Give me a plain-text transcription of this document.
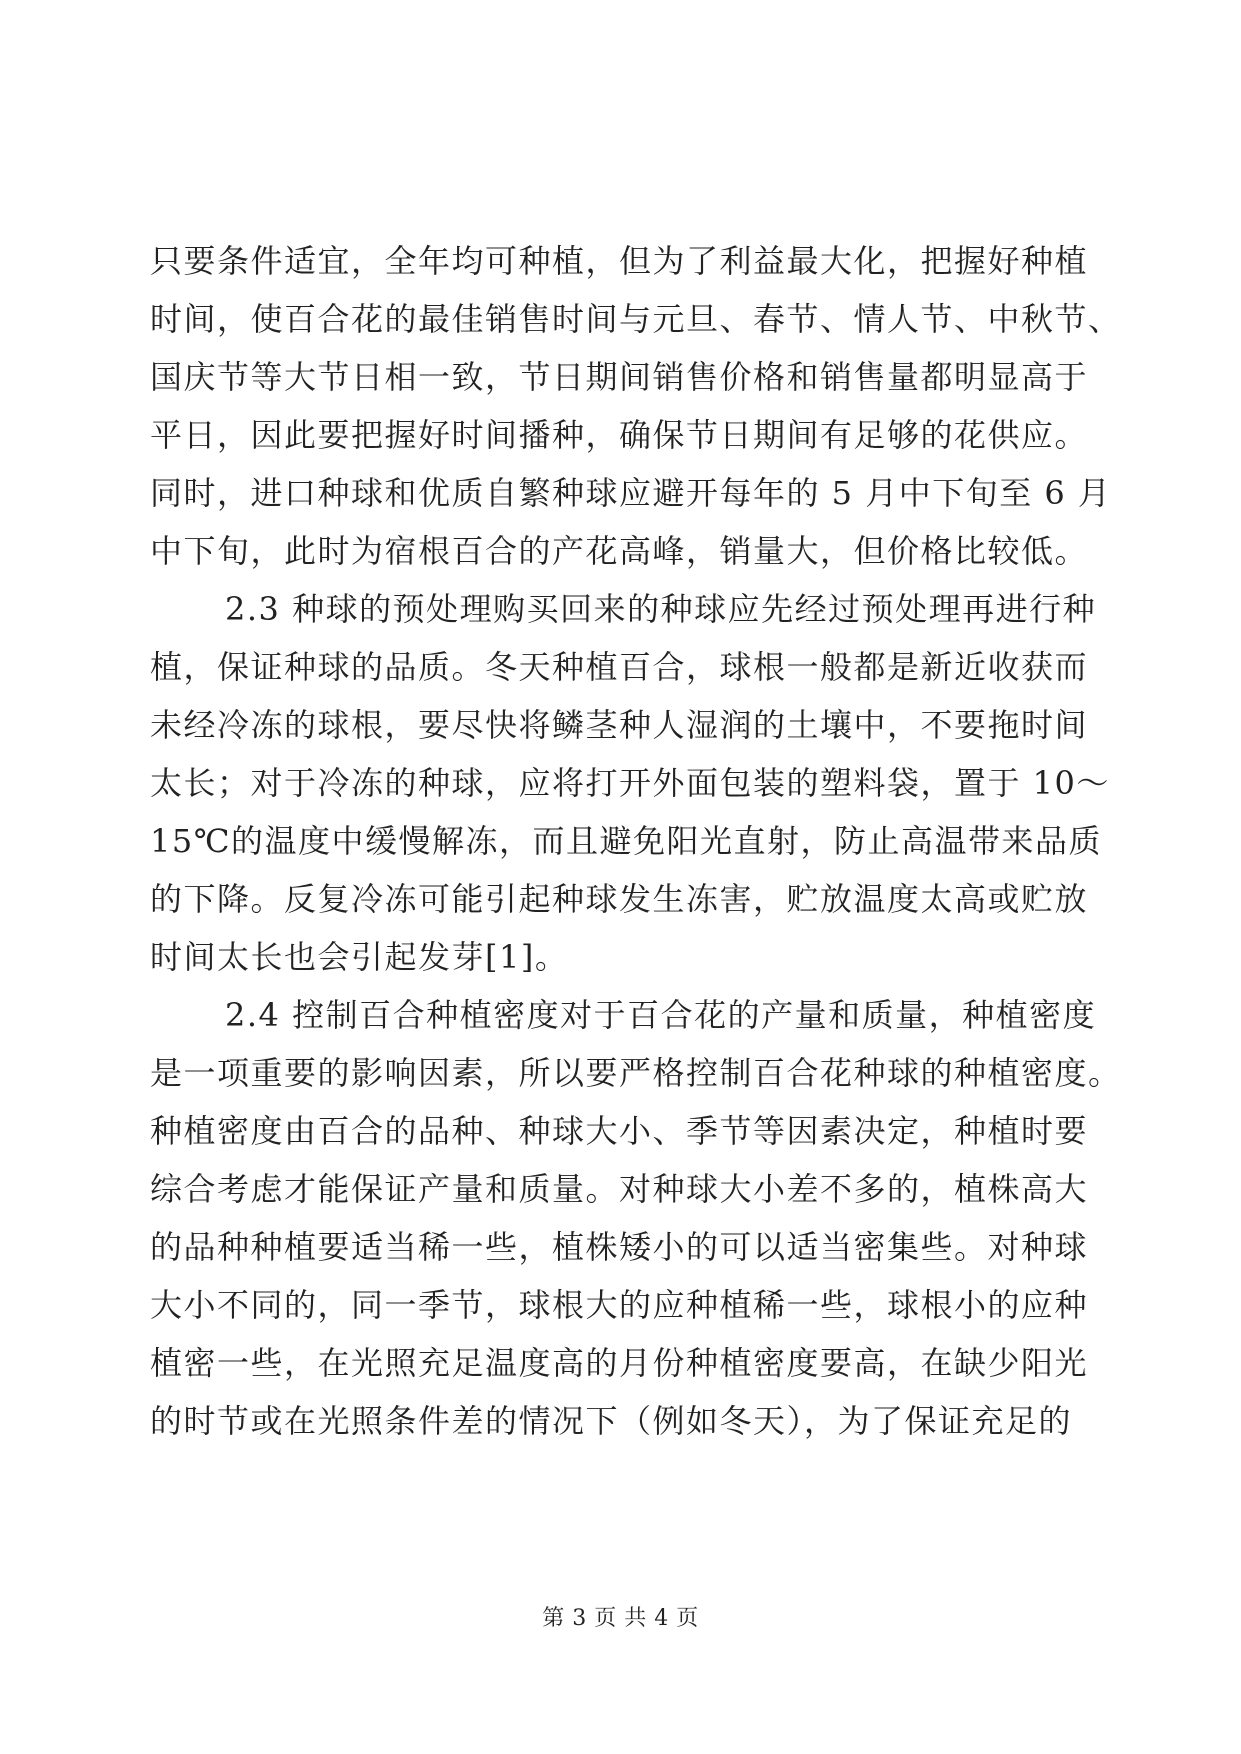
只要条件适宜，全年均可种植，但为了利益最大化，把握好种植
时间，使百合花的最佳销售时间与元旦、春节、情人节、中秋节、
国庆节等大节日相一致，节日期间销售价格和销售量都明显高于
平日，因此要把握好时间播种，确保节日期间有足够的花供应。
同时，进口种球和优质自繁种球应避开每年的 5 月中下旬至 6 月
中下旬，此时为宿根百合的产花高峰，销量大，但价格比较低。
2.3 种球的预处理购买回来的种球应先经过预处理再进行种
植，保证种球的品质。冬天种植百合，球根一般都是新近收获而
未经冷冻的球根，要尽快将鳞茎种人湿润的土壤中，不要拖时间
太长；对于冷冻的种球，应将打开外面包装的塑料袋，置于 10～
15℃的温度中缓慢解冻，而且避免阳光直射，防止高温带来品质
的下降。反复冷冻可能引起种球发生冻害，贮放温度太高或贮放
时间太长也会引起发芽[1]。
2.4 控制百合种植密度对于百合花的产量和质量，种植密度
是一项重要的影响因素，所以要严格控制百合花种球的种植密度。
种植密度由百合的品种、种球大小、季节等因素决定，种植时要
综合考虑才能保证产量和质量。对种球大小差不多的，植株高大
的品种种植要适当稀一些，植株矮小的可以适当密集些。对种球
大小不同的，同一季节，球根大的应种植稀一些，球根小的应种
植密一些，在光照充足温度高的月份种植密度要高，在缺少阳光
的时节或在光照条件差的情况下（例如冬天），为了保证充足的
第 3 页 共 4 页
